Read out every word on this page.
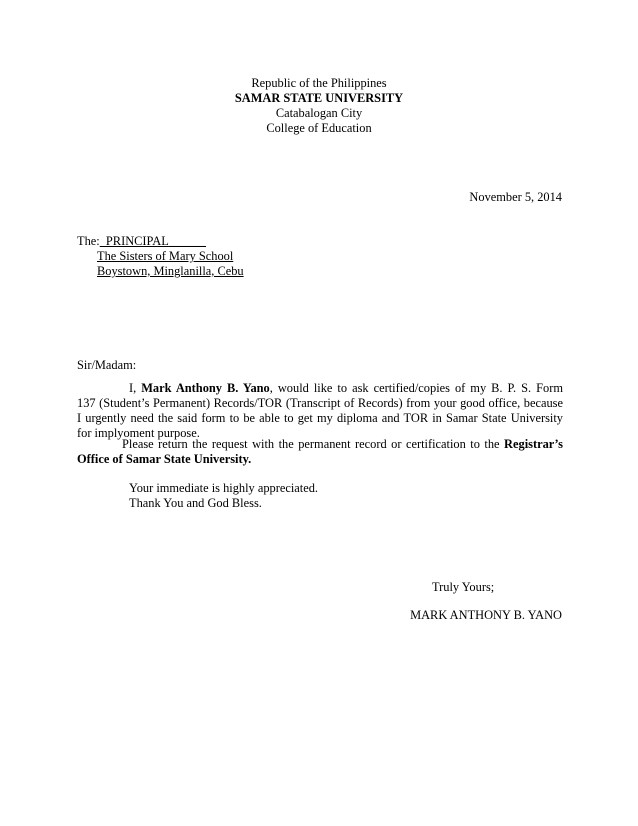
Republic of the Philippines
SAMAR STATE UNIVERSITY
Catabalogan City
College of Education
November 5, 2014
The:  PRINCIPAL______
The Sisters of Mary School
Boystown, Minglanilla, Cebu
Sir/Madam:
I, Mark Anthony B. Yano, would like to ask certified/copies of my B. P. S. Form
137 (Student’s Permanent) Records/TOR (Transcript of Records) from your good office, because
I urgently need the said form to be able to get my diploma and TOR in Samar State University
for implyoment purpose.
Please return the request with the permanent record or certification to the Registrar’s
Office of Samar State University.
Your immediate is highly appreciated.
Thank You and God Bless.
Truly Yours;
MARK ANTHONY B. YANO
